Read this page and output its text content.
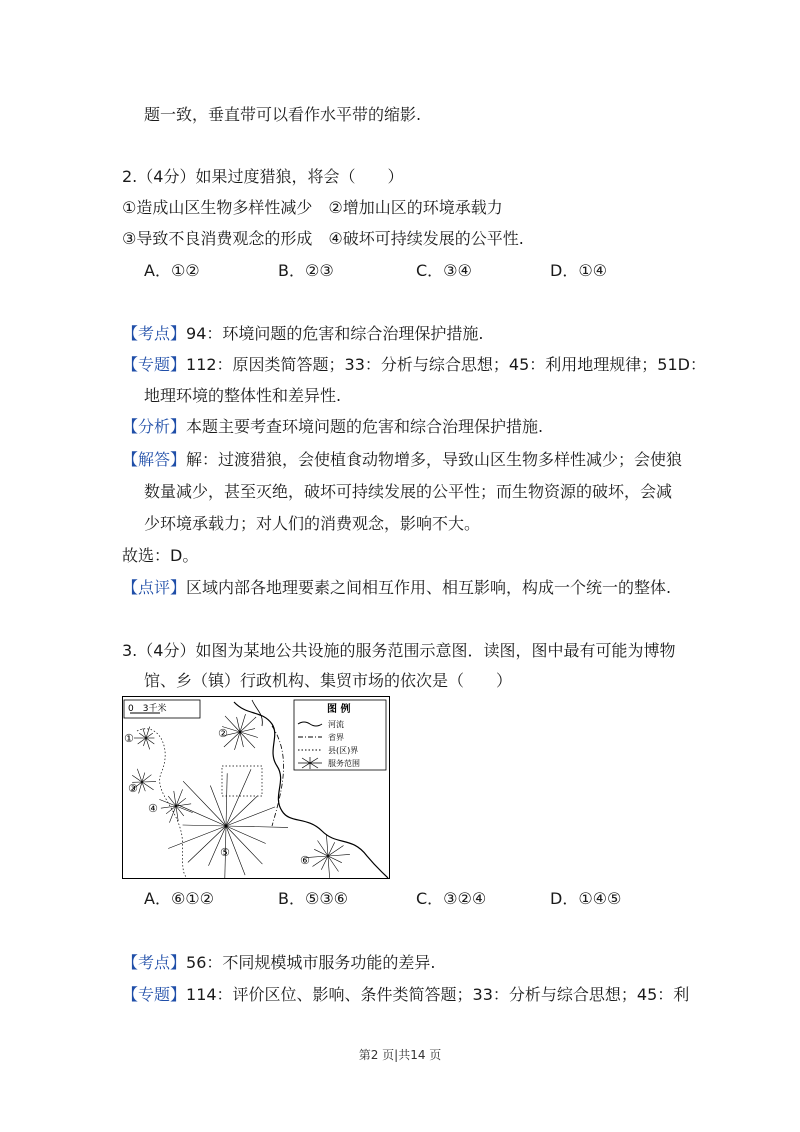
题一致，垂直带可以看作水平带的缩影.
2.（4分）如果过度猎狼，将会（　　）
①造成山区生物多样性减少　②增加山区的环境承载力
③导致不良消费观念的形成　④破坏可持续发展的公平性.
A．①②	B．②③	C．③④	D．①④
【考点】94：环境问题的危害和综合治理保护措施.
【专题】112：原因类简答题；33：分析与综合思想；45：利用地理规律；51D：
地理环境的整体性和差异性.
【分析】本题主要考查环境问题的危害和综合治理保护措施.
【解答】解：过渡猎狼，会使植食动物增多，导致山区生物多样性减少；会使狼
数量减少，甚至灭绝，破坏可持续发展的公平性；而生物资源的破坏，会减
少环境承载力；对人们的消费观念，影响不大。
故选：D。
【点评】区域内部各地理要素之间相互作用、相互影响，构成一个统一的整体.
3.（4分）如图为某地公共设施的服务范围示意图．读图，图中最有可能为博物
馆、乡（镇）行政机构、集贸市场的依次是（　　）
0　3千米	图 例
河流
省界
县(区)界
服务范围
①	②
③
④
⑤
⑥
A．⑥①②	B．⑤③⑥	C．③②④	D．①④⑤
【考点】56：不同规模城市服务功能的差异.
【专题】114：评价区位、影响、条件类简答题；33：分析与综合思想；45：利
第2 页|共14 页
